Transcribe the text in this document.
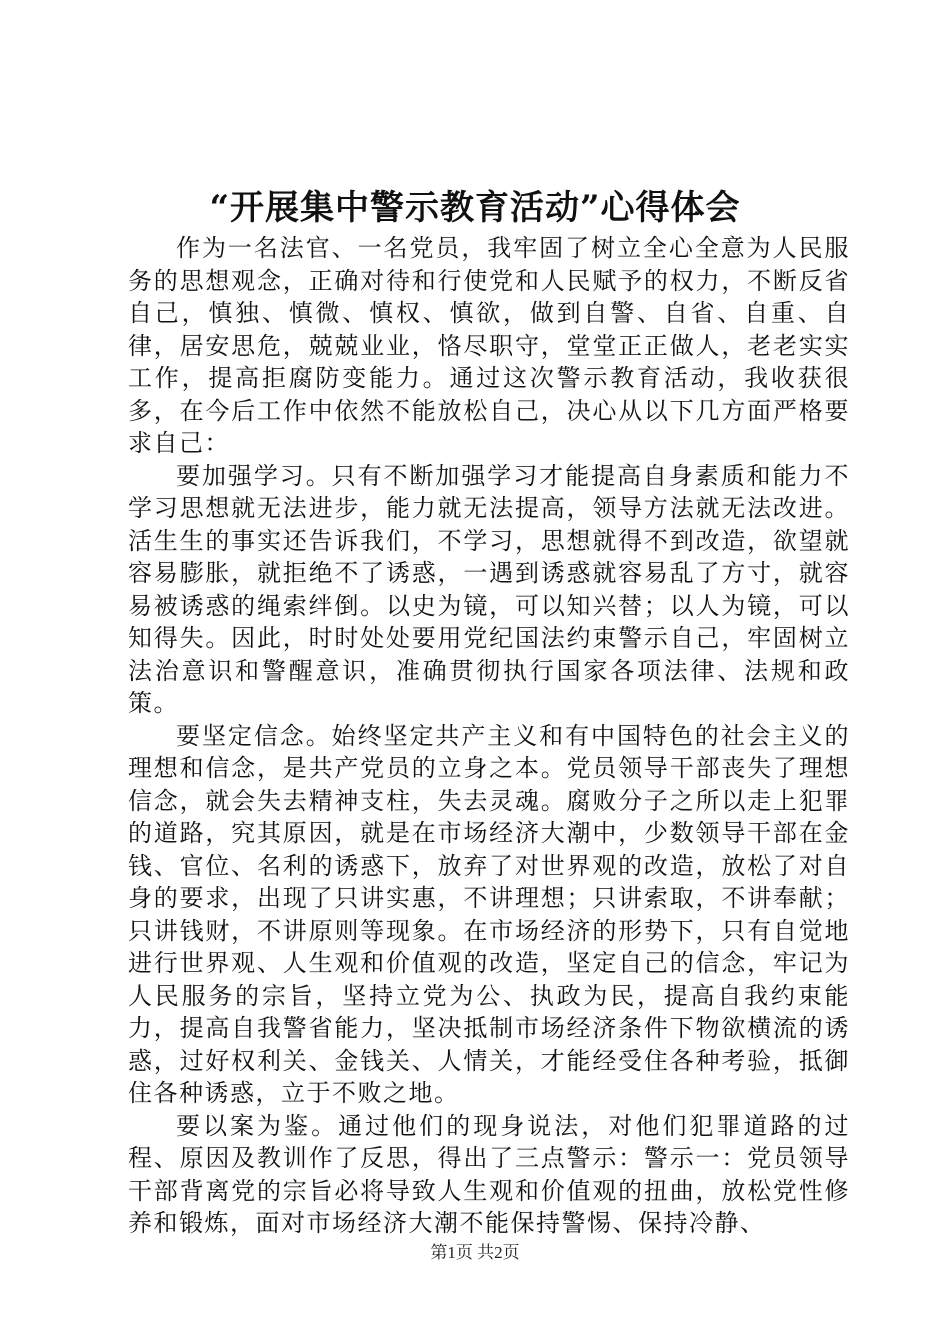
“开展集中警示教育活动”心得体会

作为一名法官、一名党员，我牢固了树立全心全意为人民服务的思想观念，正确对待和行使党和人民赋予的权力，不断反省自己，慎独、慎微、慎权、慎欲，做到自警、自省、自重、自律，居安思危，兢兢业业，恪尽职守，堂堂正正做人，老老实实工作，提高拒腐防变能力。通过这次警示教育活动，我收获很多，在今后工作中依然不能放松自己，决心从以下几方面严格要求自己：

要加强学习。只有不断加强学习才能提高自身素质和能力不学习思想就无法进步，能力就无法提高，领导方法就无法改进。活生生的事实还告诉我们，不学习，思想就得不到改造，欲望就容易膨胀，就拒绝不了诱惑，一遇到诱惑就容易乱了方寸，就容易被诱惑的绳索绊倒。以史为镜，可以知兴替；以人为镜，可以知得失。因此，时时处处要用党纪国法约束警示自己，牢固树立法治意识和警醒意识，准确贯彻执行国家各项法律、法规和政策。

要坚定信念。始终坚定共产主义和有中国特色的社会主义的理想和信念，是共产党员的立身之本。党员领导干部丧失了理想信念，就会失去精神支柱，失去灵魂。腐败分子之所以走上犯罪的道路，究其原因，就是在市场经济大潮中，少数领导干部在金钱、官位、名利的诱惑下，放弃了对世界观的改造，放松了对自身的要求，出现了只讲实惠，不讲理想；只讲索取，不讲奉献；只讲钱财，不讲原则等现象。在市场经济的形势下，只有自觉地进行世界观、人生观和价值观的改造，坚定自己的信念，牢记为人民服务的宗旨，坚持立党为公、执政为民，提高自我约束能力，提高自我警省能力，坚决抵制市场经济条件下物欲横流的诱惑，过好权利关、金钱关、人情关，才能经受住各种考验，抵御住各种诱惑，立于不败之地。

要以案为鉴。通过他们的现身说法，对他们犯罪道路的过程、原因及教训作了反思，得出了三点警示：警示一：党员领导干部背离党的宗旨必将导致人生观和价值观的扭曲，放松党性修养和锻炼，面对市场经济大潮不能保持警惕、保持冷静、

第1页 共2页
